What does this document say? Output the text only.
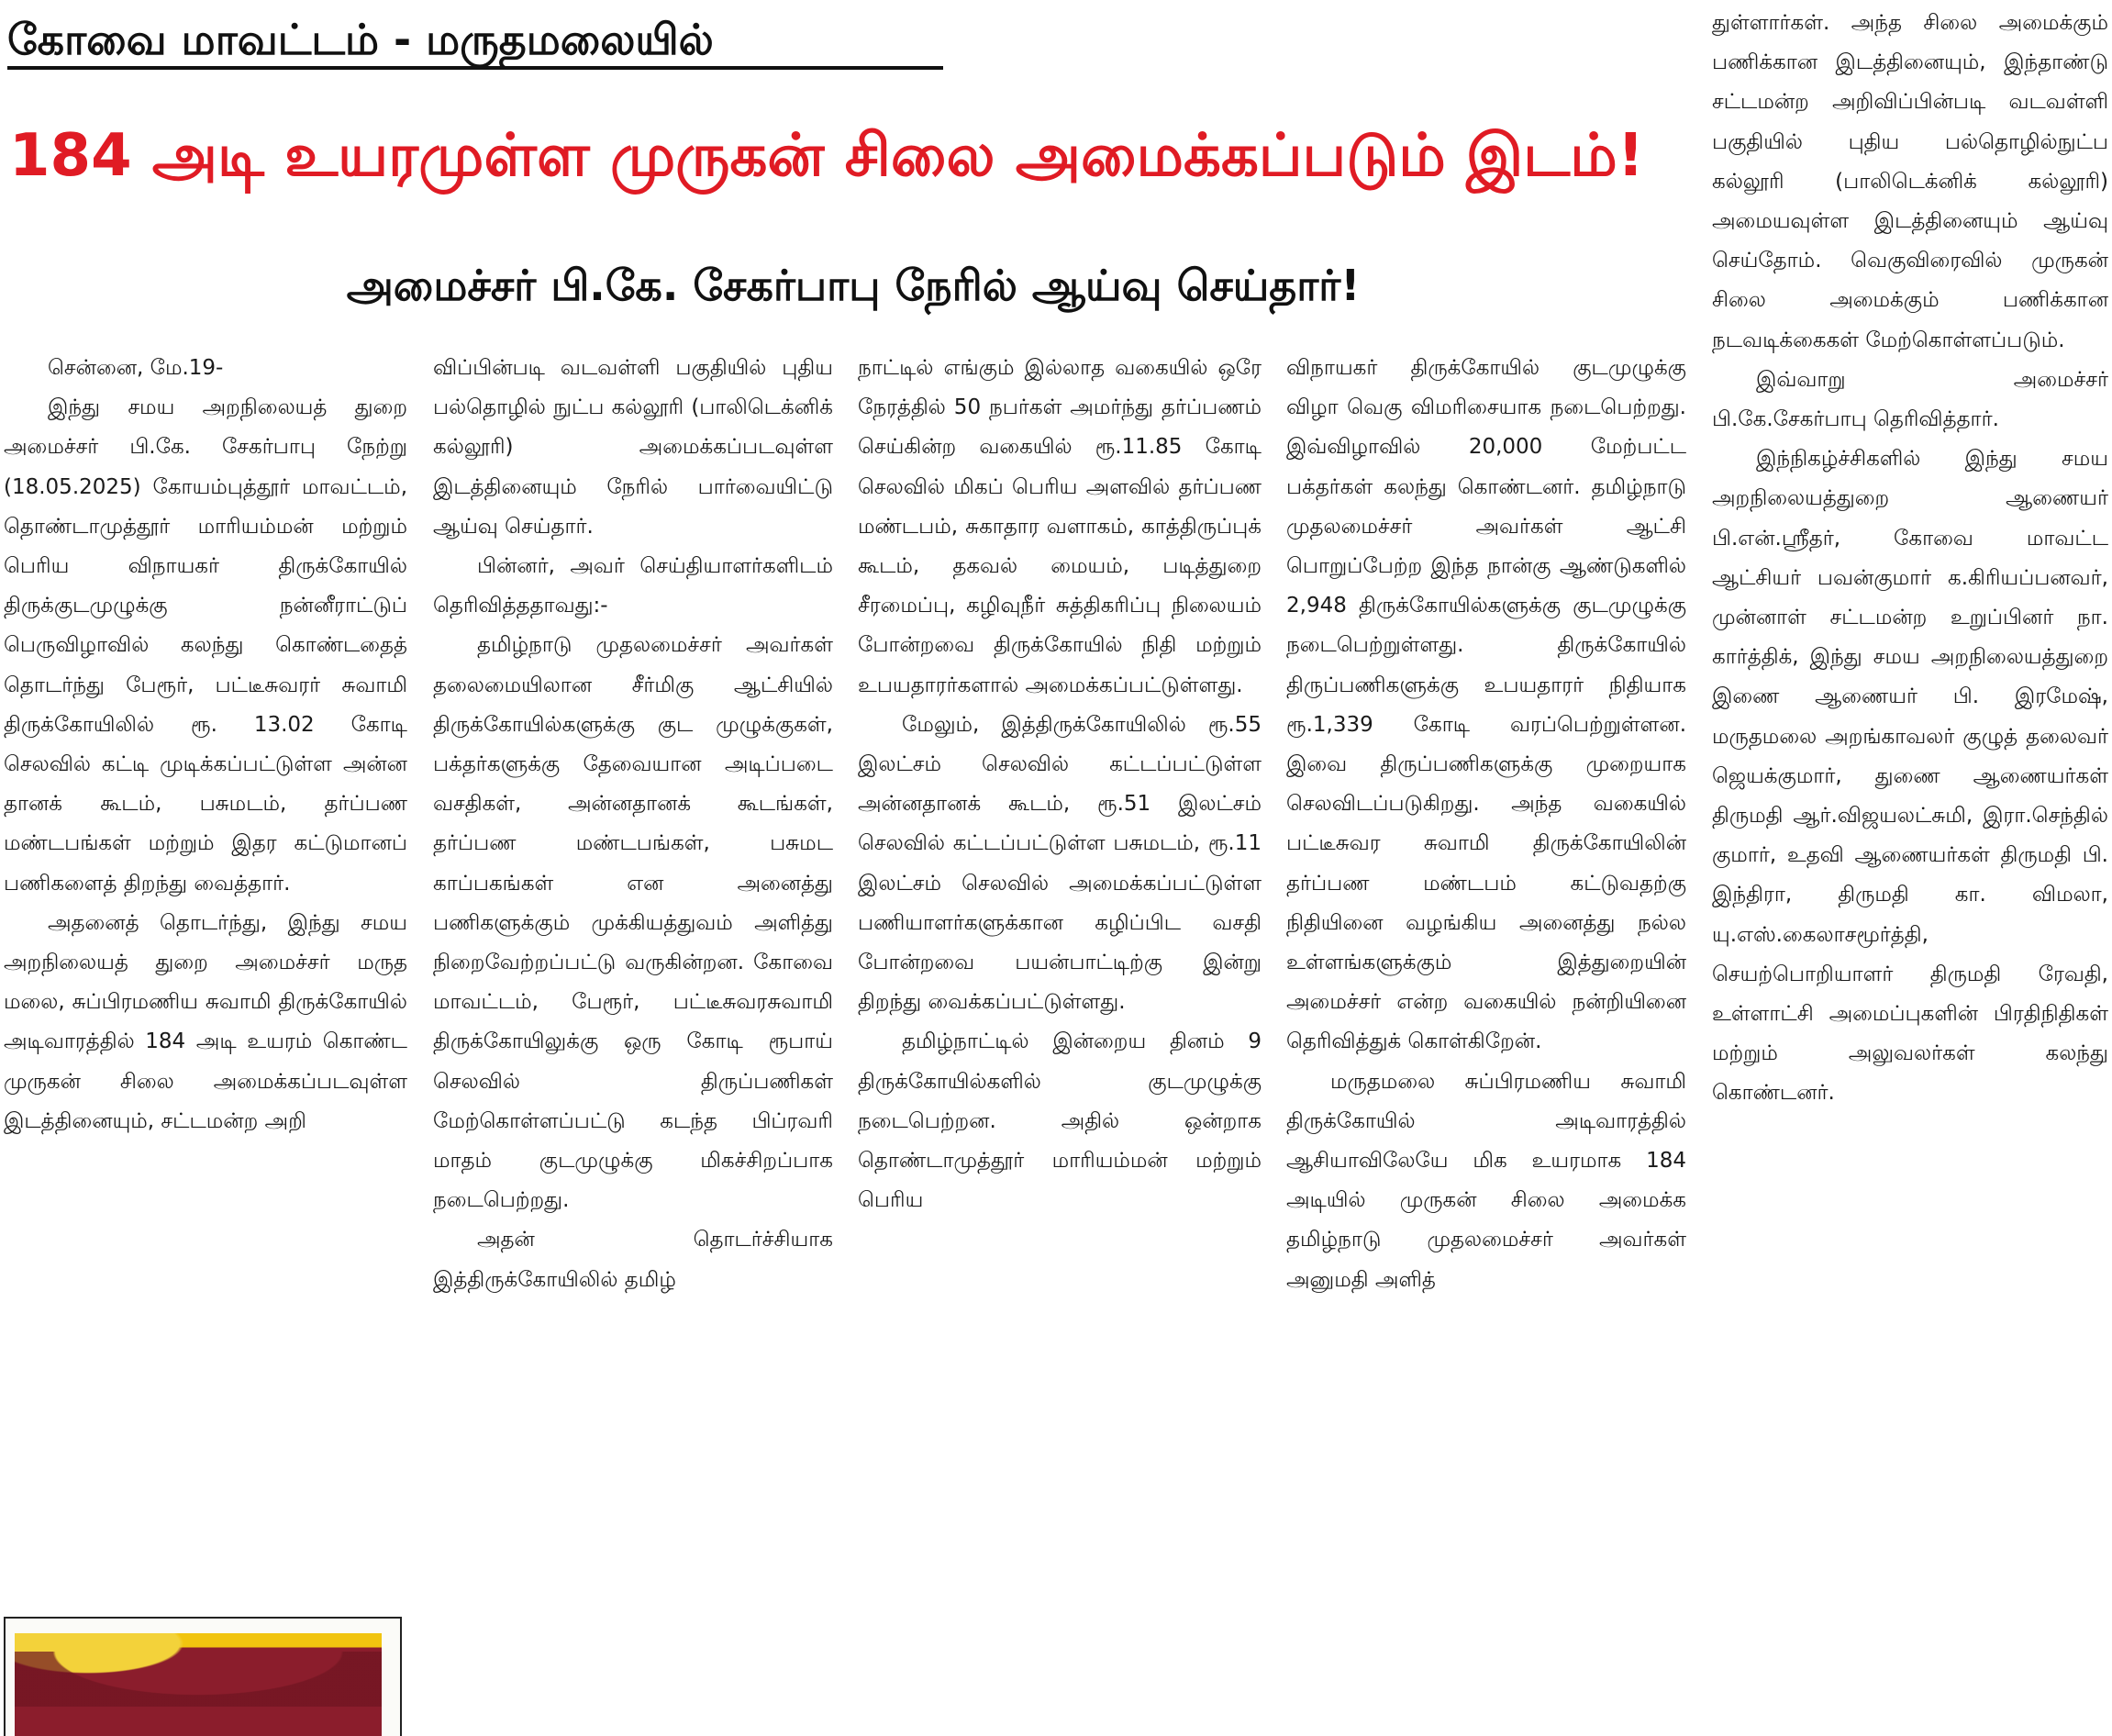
கோவை மாவட்டம் - மருதமலையில்
184 அடி உயரமுள்ள முருகன் சிலை அமைக்கப்படும் இடம்!
அமைச்சர் பி.கே. சேகர்பாபு நேரில் ஆய்வு செய்தார்!

சென்னை, மே.19-

இந்து சமய அறநிலையத் துறை அமைச்சர் பி.கே. சேகர்பாபு நேற்று (18.05.2025) கோயம்புத்தூர் மாவட்டம், தொண்டாமுத்தூர் மாரியம்மன் மற்றும் பெரிய விநாயகர் திருக்கோயில் திருக்குடமுழுக்கு நன்னீராட்டுப் பெருவிழாவில் கலந்து கொண்டதைத் தொடர்ந்து பேரூர், பட்டீசுவரர் சுவாமி திருக்கோயிலில் ரூ. 13.02 கோடி செலவில் கட்டி முடிக்கப்பட்டுள்ள அன்ன தானக் கூடம், பசுமடம், தர்ப்பண மண்டபங்கள் மற்றும் இதர கட்டுமானப் பணிகளைத் திறந்து வைத்தார்.

அதனைத் தொடர்ந்து, இந்து சமய அறநிலையத் துறை அமைச்சர் மருத மலை, சுப்பிரமணிய சுவாமி திருக்கோயில் அடிவாரத்தில் 184 அடி உயரம் கொண்ட முருகன் சிலை அமைக்கப்படவுள்ள இடத்தினையும், சட்டமன்ற அறி

விப்பின்படி வடவள்ளி பகுதியில் புதிய பல்தொழில் நுட்ப கல்லூரி (பாலிடெக்னிக் கல்லூரி) அமைக்கப்படவுள்ள இடத்தினையும் நேரில் பார்வையிட்டு ஆய்வு செய்தார்.

பின்னர், அவர் செய்தியாளர்களிடம் தெரிவித்ததாவது:-

தமிழ்நாடு முதலமைச்சர் அவர்கள் தலைமையிலான சீர்மிகு ஆட்சியில் திருக்கோயில்களுக்கு குட முழுக்குகள், பக்தர்களுக்கு தேவையான அடிப்படை வசதிகள், அன்னதானக் கூடங்கள், தர்ப்பண மண்டபங்கள், பசுமட காப்பகங்கள் என அனைத்து பணிகளுக்கும் முக்கியத்துவம் அளித்து நிறைவேற்றப்பட்டு வருகின்றன. கோவை மாவட்டம், பேரூர், பட்டீசுவரசுவாமி திருக்கோயிலுக்கு ஒரு கோடி ரூபாய் செலவில் திருப்பணிகள் மேற்கொள்ளப்பட்டு கடந்த பிப்ரவரி மாதம் குடமுழுக்கு மிகச்சிறப்பாக நடைபெற்றது.

அதன் தொடர்ச்சியாக இத்திருக்கோயிலில் தமிழ்

நாட்டில் எங்கும் இல்லாத வகையில் ஒரே நேரத்தில் 50 நபர்கள் அமர்ந்து தர்ப்பணம் செய்கின்ற வகையில் ரூ.11.85 கோடி செலவில் மிகப் பெரிய அளவில் தர்ப்பண மண்டபம், சுகாதார வளாகம், காத்திருப்புக் கூடம், தகவல் மையம், படித்துறை சீரமைப்பு, கழிவுநீர் சுத்திகரிப்பு நிலையம் போன்றவை திருக்கோயில் நிதி மற்றும் உபயதாரர்களால் அமைக்கப்பட்டுள்ளது.

மேலும், இத்திருக்கோயிலில் ரூ.55 இலட்சம் செலவில் கட்டப்பட்டுள்ள அன்னதானக் கூடம், ரூ.51 இலட்சம் செலவில் கட்டப்பட்டுள்ள பசுமடம், ரூ.11 இலட்சம் செலவில் அமைக்கப்பட்டுள்ள பணியாளர்களுக்கான கழிப்பிட வசதி போன்றவை பயன்பாட்டிற்கு இன்று திறந்து வைக்கப்பட்டுள்ளது.

தமிழ்நாட்டில் இன்றைய தினம் 9 திருக்கோயில்களில் குடமுழுக்கு நடைபெற்றன. அதில் ஒன்றாக தொண்டாமுத்தூர் மாரியம்மன் மற்றும் பெரிய

விநாயகர் திருக்கோயில் குடமுழுக்கு விழா வெகு விமரிசையாக நடைபெற்றது. இவ்விழாவில் 20,000 மேற்பட்ட பக்தர்கள் கலந்து கொண்டனர். தமிழ்நாடு முதலமைச்சர் அவர்கள் ஆட்சி பொறுப்பேற்ற இந்த நான்கு ஆண்டுகளில் 2,948 திருக்கோயில்களுக்கு குடமுழுக்கு நடைபெற்றுள்ளது. திருக்கோயில் திருப்பணிகளுக்கு உபயதாரர் நிதியாக ரூ.1,339 கோடி வரப்பெற்றுள்ளன. இவை திருப்பணிகளுக்கு முறையாக செலவிடப்படுகிறது. அந்த வகையில் பட்டீசுவர சுவாமி திருக்கோயிலின் தர்ப்பண மண்டபம் கட்டுவதற்கு நிதியினை வழங்கிய அனைத்து நல்ல உள்ளங்களுக்கும் இத்துறையின் அமைச்சர் என்ற வகையில் நன்றியினை தெரிவித்துக் கொள்கிறேன்.

மருதமலை சுப்பிரமணிய சுவாமி திருக்கோயில் அடிவாரத்தில் ஆசியாவிலேயே மிக உயரமாக 184 அடியில் முருகன் சிலை அமைக்க தமிழ்நாடு முதலமைச்சர் அவர்கள் அனுமதி அளித்

துள்ளார்கள். அந்த சிலை அமைக்கும் பணிக்கான இடத்தினையும், இந்தாண்டு சட்டமன்ற அறிவிப்பின்படி வடவள்ளி பகுதியில் புதிய பல்தொழில்நுட்ப கல்லூரி (பாலிடெக்னிக் கல்லூரி) அமையவுள்ள இடத்தினையும் ஆய்வு செய்தோம். வெகுவிரைவில் முருகன் சிலை அமைக்கும் பணிக்கான நடவடிக்கைகள் மேற்கொள்ளப்படும்.

இவ்வாறு அமைச்சர் பி.கே.சேகர்பாபு தெரிவித்தார்.

இந்நிகழ்ச்சிகளில் இந்து சமய அறநிலையத்துறை ஆணையர் பி.என்.ஸ்ரீதர், கோவை மாவட்ட ஆட்சியர் பவன்குமார் க.கிரியப்பனவர், முன்னாள் சட்டமன்ற உறுப்பினர் நா. கார்த்திக், இந்து சமய அறநிலையத்துறை இணை ஆணையர் பி. இரமேஷ், மருதமலை அறங்காவலர் குழுத் தலைவர் ஜெயக்குமார், துணை ஆணையர்கள் திருமதி ஆர்.விஜயலட்சுமி, இரா.செந்தில் குமார், உதவி ஆணையர்கள் திருமதி பி. இந்திரா, திருமதி கா. விமலா, யு.எஸ்.கைலாசமூர்த்தி, செயற்பொறியாளர் திருமதி ரேவதி, உள்ளாட்சி அமைப்புகளின் பிரதிநிதிகள் மற்றும் அலுவலர்கள் கலந்து கொண்டனர்.
